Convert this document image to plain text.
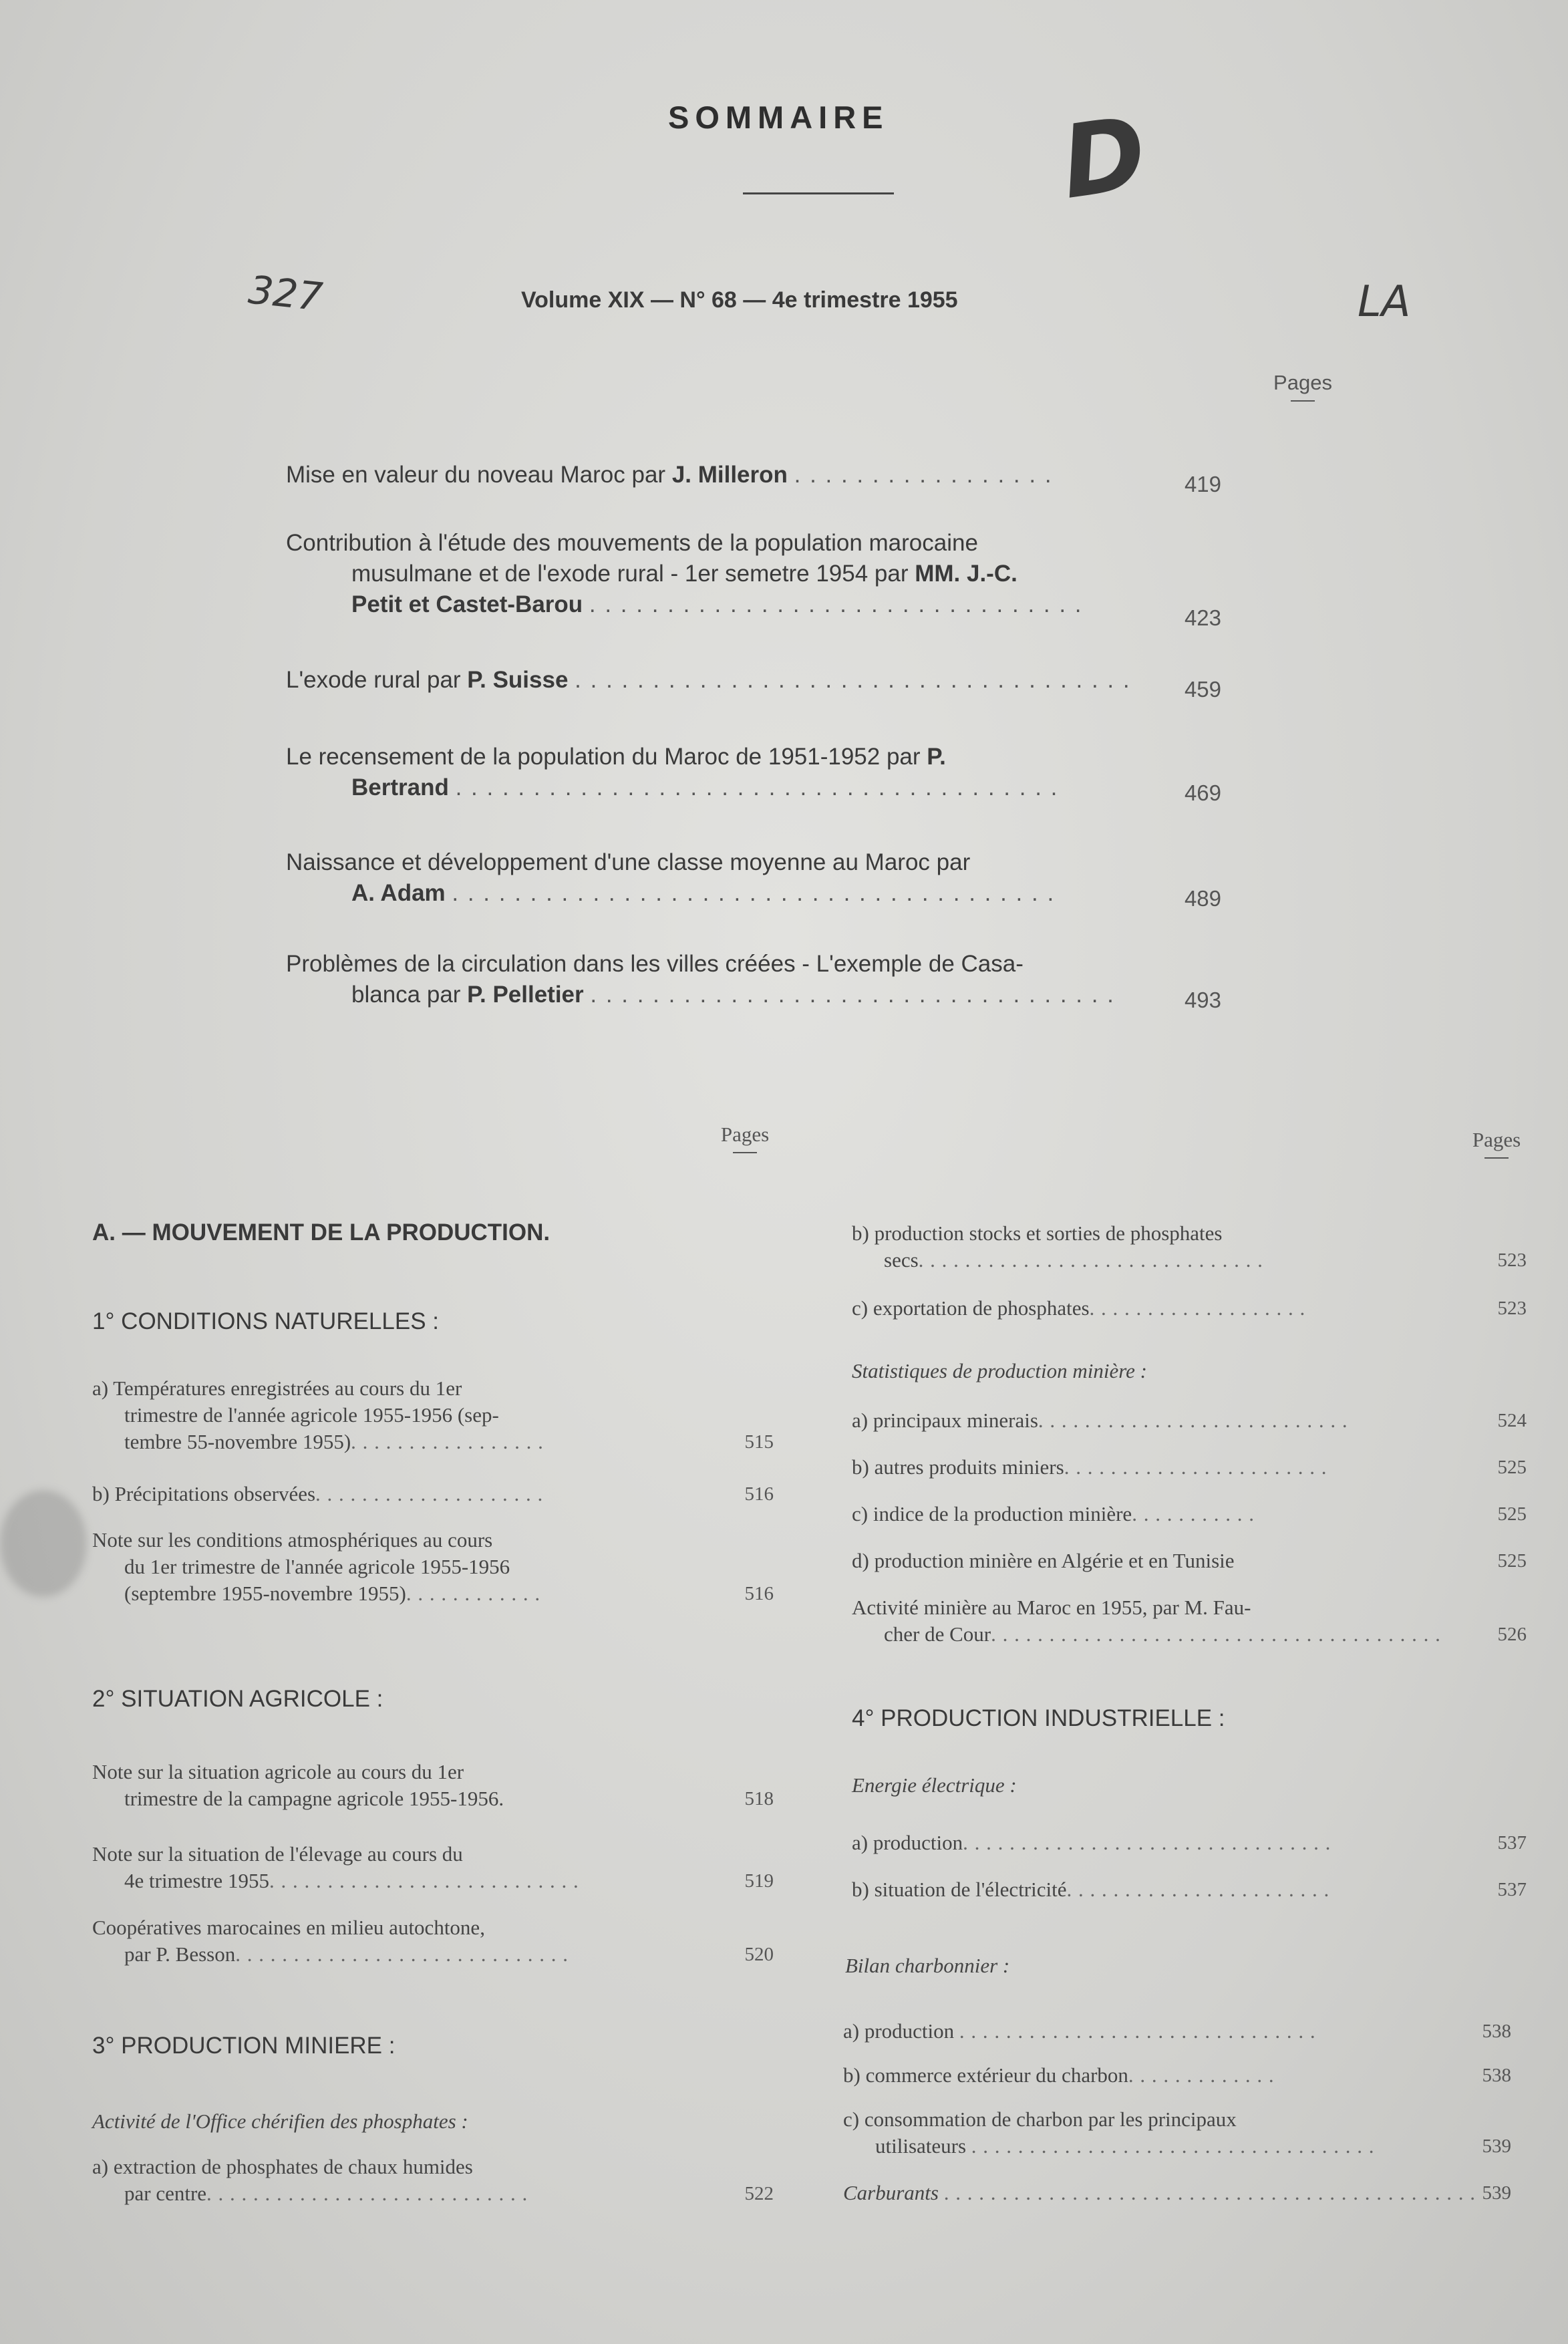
SOMMAIRE D
327	LA
Volume XIX — N° 68 — 4e trimestre 1955
Pages
Mise en valeur du noveau Maroc par J. Milleron . . . . . . . . . . . . . . . . .	419
Contribution à l'étude des mouvements de la population marocaine
musulmane et de l'exode rural - 1er semetre 1954 par MM. J.-C.
Petit et Castet-Barou . . . . . . . . . . . . . . . . . . . . . . . . . . . . . . . .
423
L'exode rural par P. Suisse . . . . . . . . . . . . . . . . . . . . . . . . . . . . . . . . . . . .	459
Le recensement de la population du Maroc de 1951-1952 par P.
Bertrand . . . . . . . . . . . . . . . . . . . . . . . . . . . . . . . . . . . . . . .	469
Naissance et développement d'une classe moyenne au Maroc par
A. Adam . . . . . . . . . . . . . . . . . . . . . . . . . . . . . . . . . . . . . . .	489
Problèmes de la circulation dans les villes créées - L'exemple de Casa-
blanca par P. Pelletier . . . . . . . . . . . . . . . . . . . . . . . . . . . . . . . . . .	493
Pages	Pages
A. — MOUVEMENT DE LA PRODUCTION.
1° CONDITIONS NATURELLES :
a) Températures enregistrées au cours du 1er
trimestre de l'année agricole 1955-1956 (sep-
tembre 55-novembre 1955). . . . . . . . . . . . . . . . .	515
b) Précipitations observées. . . . . . . . . . . . . . . . . . . .	516
Note sur les conditions atmosphériques au cours
du 1er trimestre de l'année agricole 1955-1956
(septembre 1955-novembre 1955). . . . . . . . . . . .	516
2° SITUATION AGRICOLE :
Note sur la situation agricole au cours du 1er
trimestre de la campagne agricole 1955-1956.	518
Note sur la situation de l'élevage au cours du
4e trimestre 1955. . . . . . . . . . . . . . . . . . . . . . . . . . .	519
Coopératives marocaines en milieu autochtone,
par P. Besson. . . . . . . . . . . . . . . . . . . . . . . . . . . . .	520
3° PRODUCTION MINIERE :
Activité de l'Office chérifien des phosphates :
a) extraction de phosphates de chaux humides
par centre. . . . . . . . . . . . . . . . . . . . . . . . . . . .	522
b) production stocks et sorties de phosphates
secs. . . . . . . . . . . . . . . . . . . . . . . . . . . . . .	523
c) exportation de phosphates. . . . . . . . . . . . . . . . . . .	523
Statistiques de production minière :
a) principaux minerais. . . . . . . . . . . . . . . . . . . . . . . . . . .	524
b) autres produits miniers. . . . . . . . . . . . . . . . . . . . . . .	525
c) indice de la production minière. . . . . . . . . . .	525
d) production minière en Algérie et en Tunisie	525
Activité minière au Maroc en 1955, par M. Fau-
cher de Cour. . . . . . . . . . . . . . . . . . . . . . . . . . . . . . . . . . . . . . .	526
4° PRODUCTION INDUSTRIELLE :
Energie électrique :
a) production. . . . . . . . . . . . . . . . . . . . . . . . . . . . . . . .	537
b) situation de l'électricité. . . . . . . . . . . . . . . . . . . . . . .	537
Bilan charbonnier :
a) production . . . . . . . . . . . . . . . . . . . . . . . . . . . . . . .	538
b) commerce extérieur du charbon. . . . . . . . . . . . .	538
c) consommation de charbon par les principaux
utilisateurs . . . . . . . . . . . . . . . . . . . . . . . . . . . . . . . . . . .	539
Carburants . . . . . . . . . . . . . . . . . . . . . . . . . . . . . . . . . . . . . . . . . . . . . . 539
